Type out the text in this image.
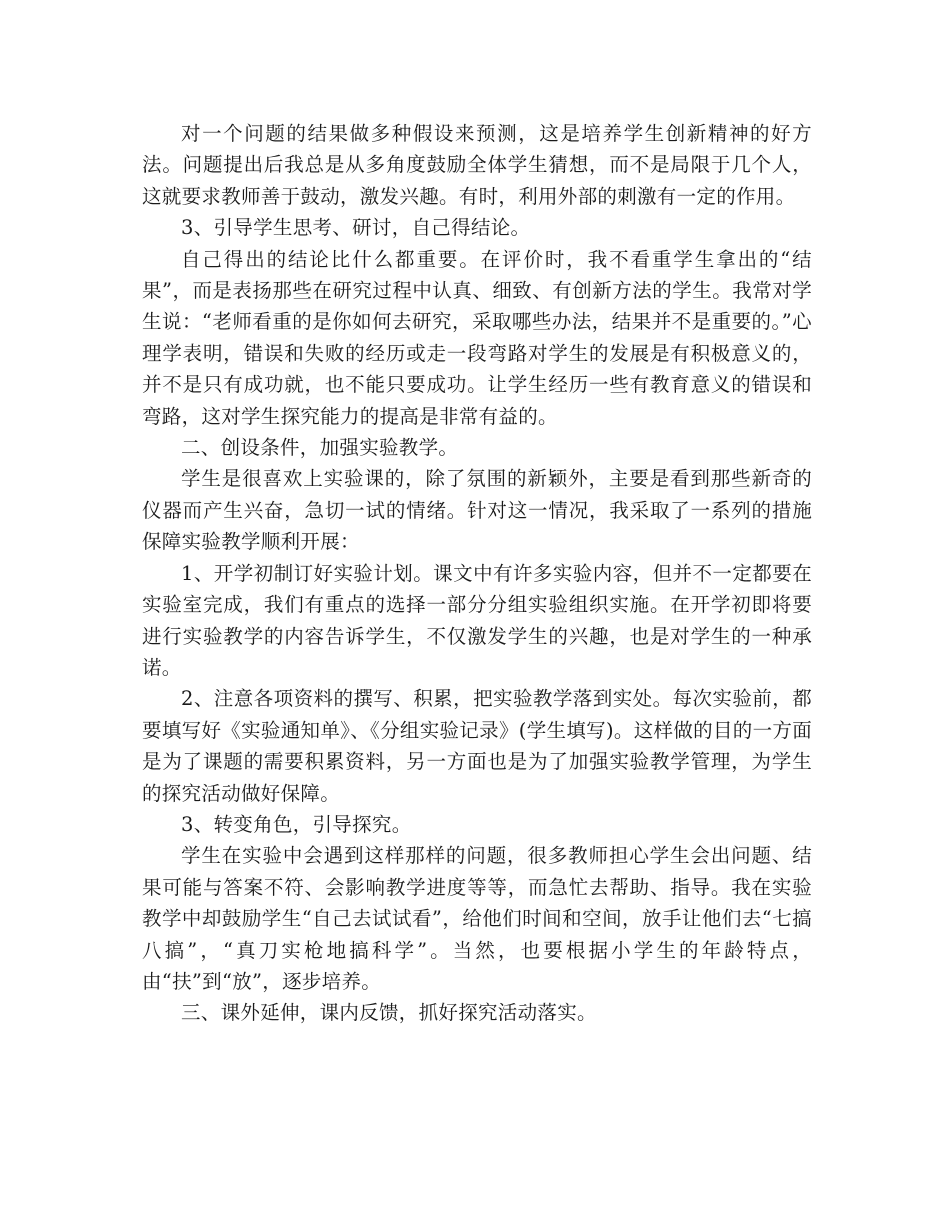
对一个问题的结果做多种假设来预测，这是培养学生创新精神的好方法。问题提出后我总是从多角度鼓励全体学生猜想，而不是局限于几个人，这就要求教师善于鼓动，激发兴趣。有时，利用外部的刺激有一定的作用。

3、引导学生思考、研讨，自己得结论。

自己得出的结论比什么都重要。在评价时，我不看重学生拿出的“结果”，而是表扬那些在研究过程中认真、细致、有创新方法的学生。我常对学生说：“老师看重的是你如何去研究，采取哪些办法，结果并不是重要的。”心理学表明，错误和失败的经历或走一段弯路对学生的发展是有积极意义的，并不是只有成功就，也不能只要成功。让学生经历一些有教育意义的错误和弯路，这对学生探究能力的提高是非常有益的。

二、创设条件，加强实验教学。

学生是很喜欢上实验课的，除了氛围的新颖外，主要是看到那些新奇的仪器而产生兴奋，急切一试的情绪。针对这一情况，我采取了一系列的措施保障实验教学顺利开展：

1、开学初制订好实验计划。课文中有许多实验内容，但并不一定都要在实验室完成，我们有重点的选择一部分分组实验组织实施。在开学初即将要进行实验教学的内容告诉学生，不仅激发学生的兴趣，也是对学生的一种承诺。

2、注意各项资料的撰写、积累，把实验教学落到实处。每次实验前，都要填写好《实验通知单》、《分组实验记录》(学生填写)。这样做的目的一方面是为了课题的需要积累资料，另一方面也是为了加强实验教学管理，为学生的探究活动做好保障。

3、转变角色，引导探究。

学生在实验中会遇到这样那样的问题，很多教师担心学生会出问题、结果可能与答案不符、会影响教学进度等等，而急忙去帮助、指导。我在实验教学中却鼓励学生“自己去试试看”，给他们时间和空间，放手让他们去“七搞八搞”，“真刀实枪地搞科学”。当然，也要根据小学生的年龄特点，由“扶”到“放”，逐步培养。

三、课外延伸，课内反馈，抓好探究活动落实。
